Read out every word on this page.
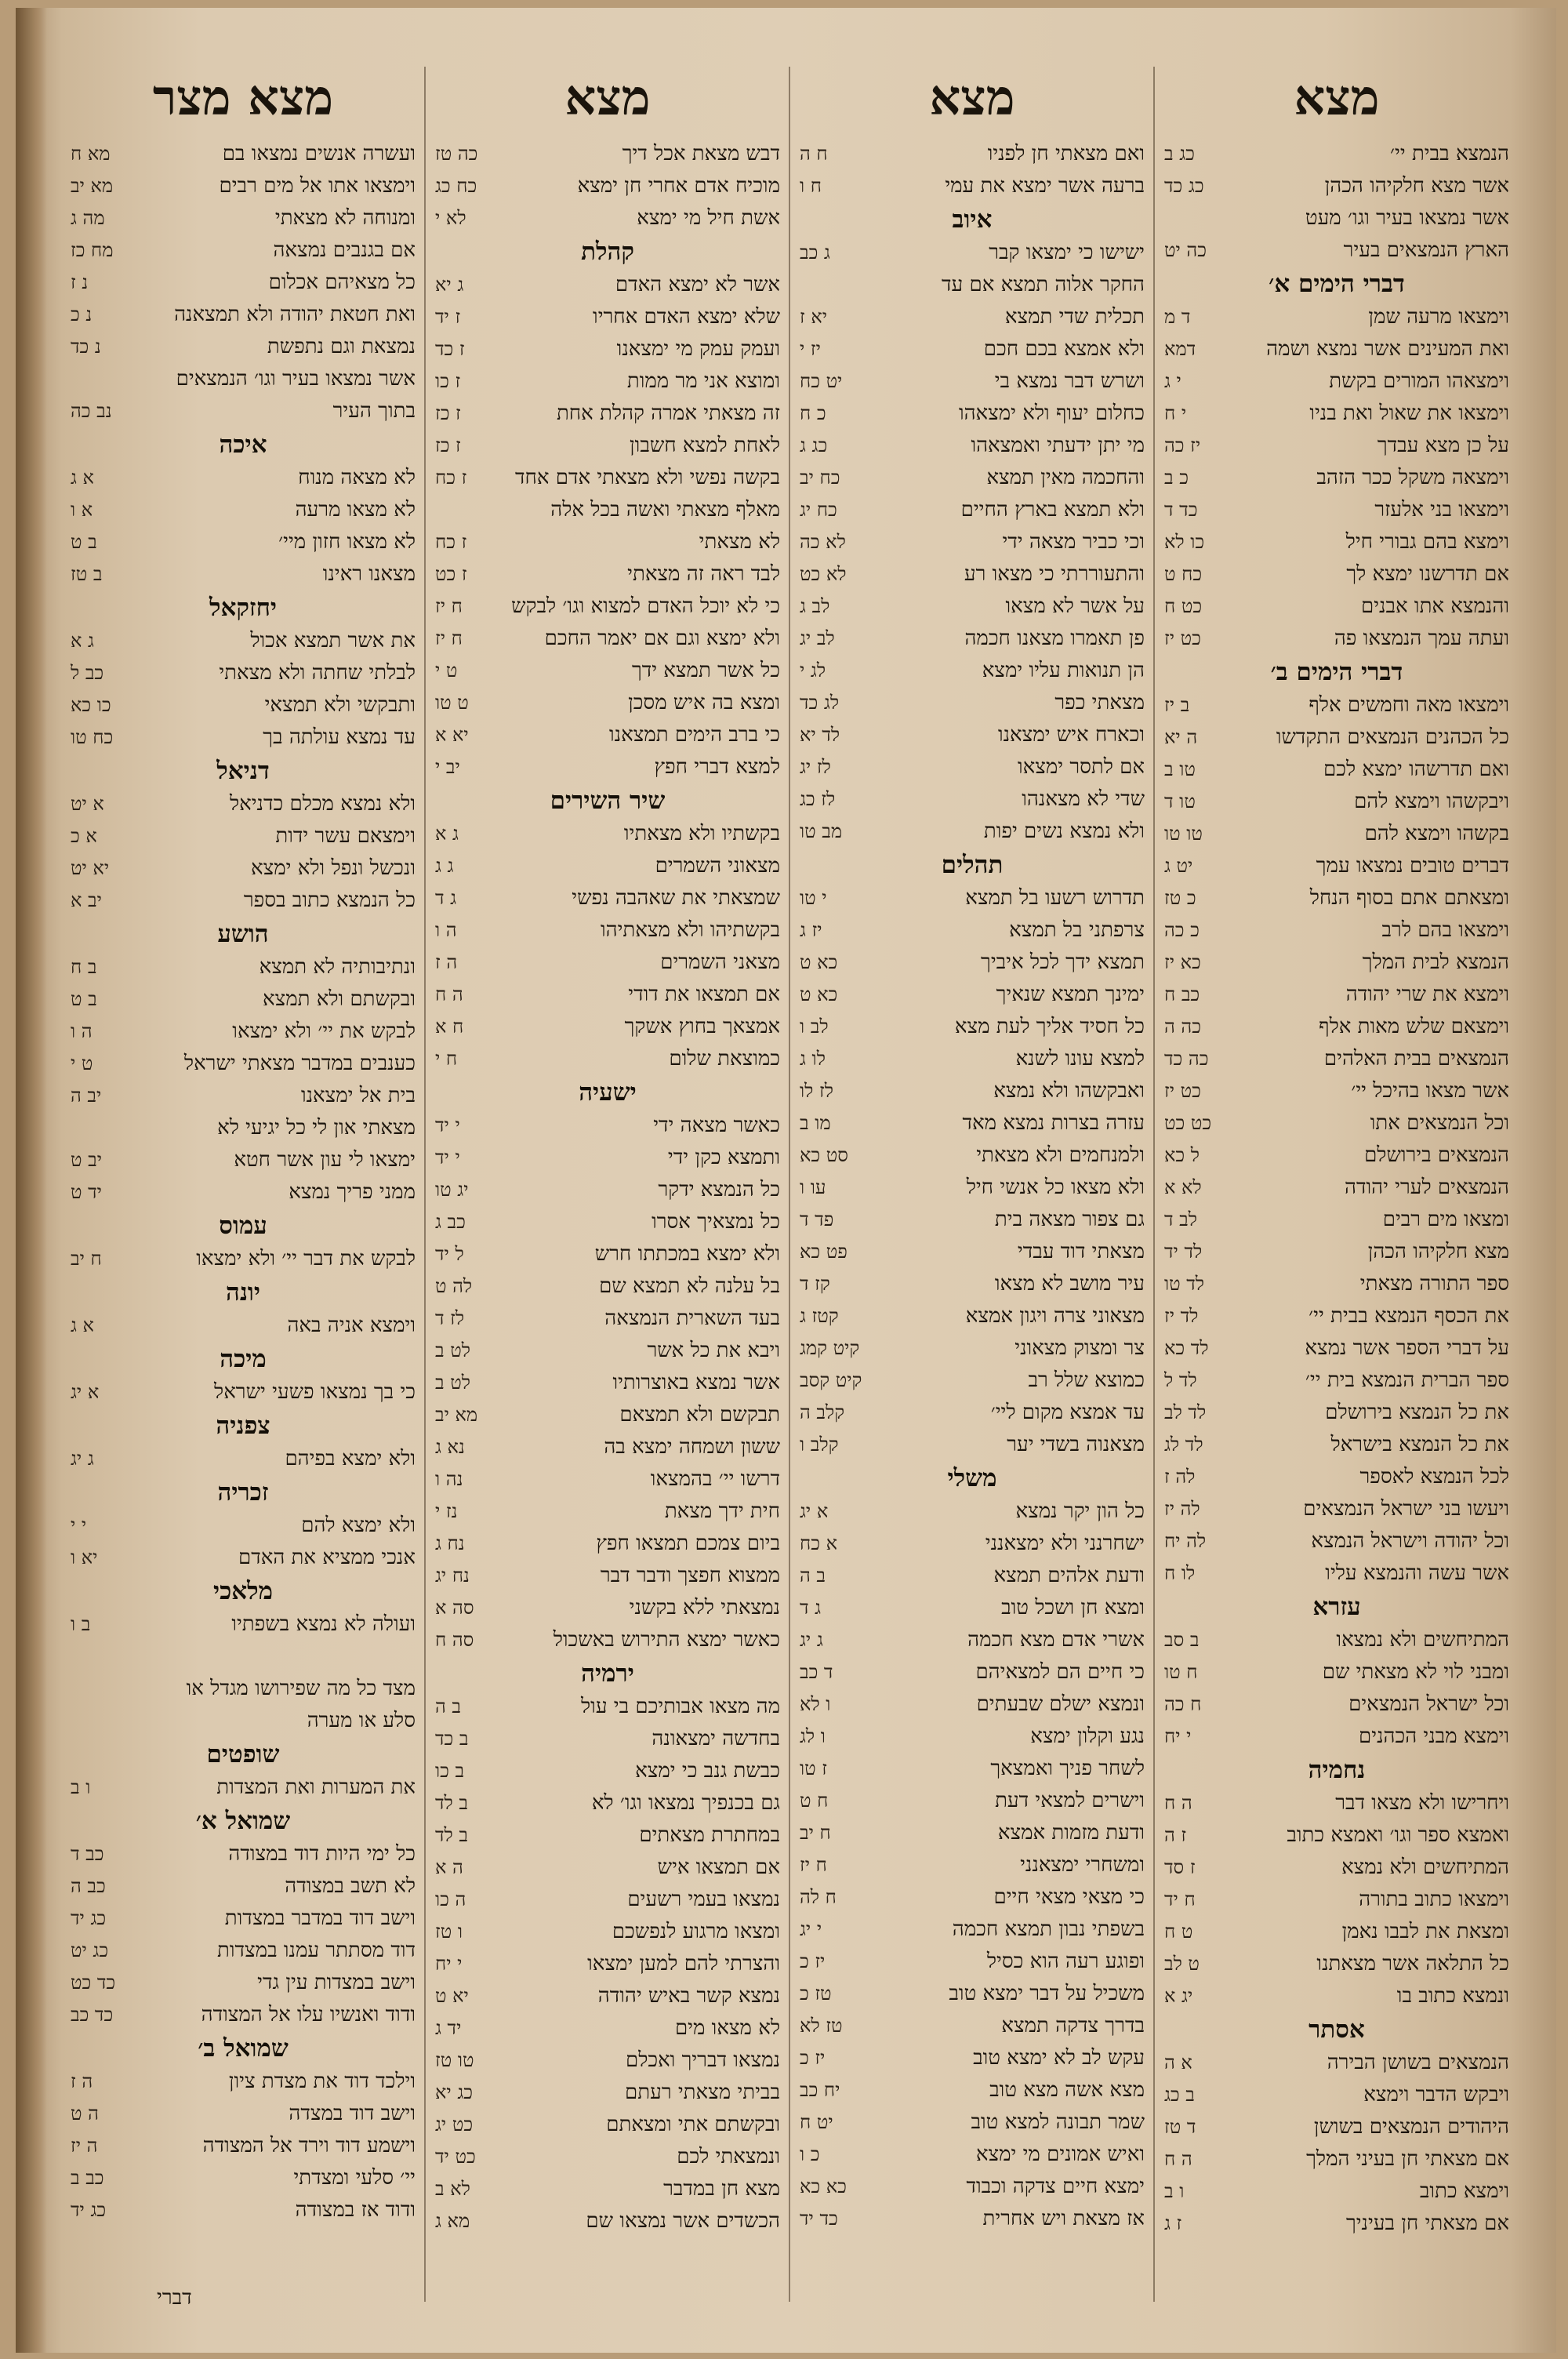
מצא
הנמצא בבית יי׳
כג ב
אשר מצא חלקיהו הכהן
כג כד
אשר נמצאו בעיר וגו׳ מעט
הארץ הנמצאים בעיר
כה יט
דברי הימים א׳
וימצאו מרעה שמן
ד מ
ואת המעינים אשר נמצא ושמה
דמא
וימצאהו המורים בקשת
י ג
וימצאו את שאול ואת בניו
י ח
על כן מצא עבדך
יז כה
וימצאה משקל ככר הזהב
כ ב
וימצאו בני אלעזר
כד ד
וימצא בהם גבורי חיל
כו לא
אם תדרשנו ימצא לך
כח ט
והנמצא אתו אבנים
כט ח
ועתה עמך הנמצאו פה
כט יז
דברי הימים ב׳
וימצאו מאה וחמשים אלף
ב יז
כל הכהנים הנמצאים התקדשו
ה יא
ואם תדרשהו ימצא לכם
טו ב
ויבקשהו וימצא להם
טו ד
בקשהו וימצא להם
טו טו
דברים טובים נמצאו עמך
יט ג
ומצאתם אתם בסוף הנחל
כ טז
וימצאו בהם לרב
כ כה
הנמצא לבית המלך
כא יז
וימצא את שרי יהודה
כב ח
וימצאם שלש מאות אלף
כה ה
הנמצאים בבית האלהים
כה כד
אשר מצאו בהיכל יי׳
כט יז
וכל הנמצאים אתו
כט כט
הנמצאים בירושלם
ל כא
הנמצאים לערי יהודה
לא א
ומצאו מים רבים
לב ד
מצא חלקיהו הכהן
לד יד
ספר התורה מצאתי
לד טו
את הכסף הנמצא בבית יי׳
לד יז
על דברי הספר אשר נמצא
לד כא
ספר הברית הנמצא בית יי׳
לד ל
את כל הנמצא בירושלם
לד לב
את כל הנמצא בישראל
לד לג
לכל הנמצא לאספר
לה ז
ויעשו בני ישראל הנמצאים
לה יז
וכל יהודה וישראל הנמצא
לה יח
אשר עשה והנמצא עליו
לו ח
עזרא
המתיחשים ולא נמצאו
ב סב
ומבני לוי לא מצאתי שם
ח טו
וכל ישראל הנמצאים
ח כה
וימצא מבני הכהנים
י יח
נחמיה
ויחרישו ולא מצאו דבר
ה ח
ואמצא ספר וגו׳ ואמצא כתוב
ז ה
המתיחשים ולא נמצא
ז סד
וימצאו כתוב בתורה
ח יד
ומצאת את לבבו נאמן
ט ח
כל התלאה אשר מצאתנו
ט לב
ונמצא כתוב בו
יג א
אסתר
הנמצאים בשושן הבירה
א ה
ויבקש הדבר וימצא
ב כג
היהודים הנמצאים בשושן
ד טז
אם מצאתי חן בעיני המלך
ה ח
וימצא כתוב
ו ב
אם מצאתי חן בעיניך
ז ג
מצא
ואם מצאתי חן לפניו
ח ה
ברעה אשר ימצא את עמי
ח ו
איוב
ישישו כי ימצאו קבר
ג כב
החקר אלוה תמצא אם עד
תכלית שדי תמצא
יא ז
ולא אמצא בכם חכם
יז י
ושרש דבר נמצא בי
יט כח
כחלום יעוף ולא ימצאהו
כ ח
מי יתן ידעתי ואמצאהו
כג ג
והחכמה מאין תמצא
כח יב
ולא תמצא בארץ החיים
כח יג
וכי כביר מצאה ידי
לא כה
והתעוררתי כי מצאו רע
לא כט
על אשר לא מצאו
לב ג
פן תאמרו מצאנו חכמה
לב יג
הן תנואות עליו ימצא
לג י
מצאתי כפר
לג כד
וכארח איש ימצאנו
לד יא
אם לתסר ימצאו
לז יג
שדי לא מצאנהו
לז כג
ולא נמצא נשים יפות
מב טו
תהלים
תדרוש רשעו בל תמצא
י טו
צרפתני בל תמצא
יז ג
תמצא ידך לכל איביך
כא ט
ימינך תמצא שנאיך
כא ט
כל חסיד אליך לעת מצא
לב ו
למצא עונו לשנא
לו ג
ואבקשהו ולא נמצא
לז לו
עזרה בצרות נמצא מאד
מו ב
ולמנחמים ולא מצאתי
סט כא
ולא מצאו כל אנשי חיל
עו ו
גם צפור מצאה בית
פד ד
מצאתי דוד עבדי
פט כא
עיר מושב לא מצאו
קז ד
מצאוני צרה ויגון אמצא
קטז ג
צר ומצוק מצאוני
קיט קמג
כמוצא שלל רב
קיט קסב
עד אמצא מקום ליי׳
קלב ה
מצאנוה בשדי יער
קלב ו
משלי
כל הון יקר נמצא
א יג
ישחרנני ולא ימצאנני
א כח
ודעת אלהים תמצא
ב ה
ומצא חן ושכל טוב
ג ד
אשרי אדם מצא חכמה
ג יג
כי חיים הם למצאיהם
ד כב
ונמצא ישלם שבעתים
ו לא
נגע וקלון ימצא
ו לג
לשחר פניך ואמצאך
ז טו
וישרים למצאי דעת
ח ט
ודעת מזמות אמצא
ח יב
ומשחרי ימצאנני
ח יז
כי מצאי מצאי חיים
ח לה
בשפתי נבון תמצא חכמה
י יג
ופוגע רעה הוא כסיל
יז כ
משכיל על דבר ימצא טוב
טז כ
בדרך צדקה תמצא
טז לא
עקש לב לא ימצא טוב
יז כ
מצא אשה מצא טוב
יח כב
שמר תבונה למצא טוב
יט ח
ואיש אמונים מי ימצא
כ ו
ימצא חיים צדקה וכבוד
כא כא
אז מצאת ויש אחרית
כד יד
מצא
דבש מצאת אכל דיך
כה טז
מוכיח אדם אחרי חן ימצא
כח כג
אשת חיל מי ימצא
לא י
קהלת
אשר לא ימצא האדם
ג יא
שלא ימצא האדם אחריו
ז יד
ועמק עמק מי ימצאנו
ז כד
ומוצא אני מר ממות
ז כו
זה מצאתי אמרה קהלת אחת
ז כז
לאחת למצא חשבון
ז כז
בקשה נפשי ולא מצאתי אדם אחד
ז כח
מאלף מצאתי ואשה בכל אלה
לא מצאתי
ז כח
לבד ראה זה מצאתי
ז כט
כי לא יוכל האדם למצוא וגו׳ לבקש
ח יז
ולא ימצא וגם אם יאמר החכם
ח יז
כל אשר תמצא ידך
ט י
ומצא בה איש מסכן
ט טו
כי ברב הימים תמצאנו
יא א
למצא דברי חפץ
יב י
שיר השירים
בקשתיו ולא מצאתיו
ג א
מצאוני השמרים
ג ג
שמצאתי את שאהבה נפשי
ג ד
בקשתיהו ולא מצאתיהו
ה ו
מצאני השמרים
ה ז
אם תמצאו את דודי
ה ח
אמצאך בחוץ אשקך
ח א
כמוצאת שלום
ח י
ישעיה
כאשר מצאה ידי
י יד
ותמצא כקן ידי
י יד
כל הנמצא ידקר
יג טו
כל נמצאיך אסרו
כב ג
ולא ימצא במכתתו חרש
ל יד
בל עלנה לא תמצא שם
לה ט
בעד השארית הנמצאה
לז ד
ויבא את כל אשר
לט ב
אשר נמצא באוצרותיו
לט ב
תבקשם ולא תמצאם
מא יב
ששון ושמחה ימצא בה
נא ג
דרשו יי׳ בהמצאו
נה ו
חית ידך מצאת
נז י
ביום צמכם תמצאו חפץ
נח ג
ממצוא חפצך ודבר דבר
נח יג
נמצאתי ללא בקשני
סה א
כאשר ימצא התירוש באשכול
סה ח
ירמיה
מה מצאו אבותיכם בי עול
ב ה
בחדשה ימצאונה
ב כד
כבשת גנב כי ימצא
ב כו
גם בכנפיך נמצאו וגו׳ לא
ב לד
במחתרת מצאתים
ב לד
אם תמצאו איש
ה א
נמצאו בעמי רשעים
ה כו
ומצאו מרגוע לנפשכם
ו טז
והצרתי להם למען ימצאו
י יח
נמצא קשר באיש יהודה
יא ט
לא מצאו מים
יד ג
נמצאו דבריך ואכלם
טו טז
בביתי מצאתי רעתם
כג יא
ובקשתם אתי ומצאתם
כט יג
ונמצאתי לכם
כט יד
מצא חן במדבר
לא ב
הכשדים אשר נמצאו שם
מא ג
מצא מצר
ועשרה אנשים נמצאו בם
מא ח
וימצאו אתו אל מים רבים
מא יב
ומנוחה לא מצאתי
מה ג
אם בגנבים נמצאה
מח כז
כל מצאיהם אכלום
נ ז
ואת חטאת יהודה ולא תמצאנה
נ כ
נמצאת וגם נתפשת
נ כד
אשר נמצאו בעיר וגו׳ הנמצאים
בתוך העיר
נב כה
איכה
לא מצאה מנוח
א ג
לא מצאו מרעה
א ו
לא מצאו חזון מיי׳
ב ט
מצאנו ראינו
ב טז
יחזקאל
את אשר תמצא אכול
ג א
לבלתי שחתה ולא מצאתי
כב ל
ותבקשי ולא תמצאי
כו כא
עד נמצא עולתה בך
כח טו
דניאל
ולא נמצא מכלם כדניאל
א יט
וימצאם עשר ידות
א כ
ונכשל ונפל ולא ימצא
יא יט
כל הנמצא כתוב בספר
יב א
הושע
ונתיבותיה לא תמצא
ב ח
ובקשתם ולא תמצא
ב ט
לבקש את יי׳ ולא ימצאו
ה ו
כענבים במדבר מצאתי ישראל
ט י
בית אל ימצאנו
יב ה
מצאתי און לי כל יגיעי לא
ימצאו לי עון אשר חטא
יב ט
ממני פריך נמצא
יד ט
עמוס
לבקש את דבר יי׳ ולא ימצאו
ח יב
יונה
וימצא אניה באה
א ג
מיכה
כי בך נמצאו פשעי ישראל
א יג
צפניה
ולא ימצא בפיהם
ג יג
זכריה
ולא ימצא להם
י י
אנכי ממציא את האדם
יא ו
מלאכי
ועולה לא נמצא בשפתיו
ב ו
מצד כל מה שפירושו מגדל או
סלע או מערה
שופטים
את המערות ואת המצדות
ו ב
שמואל א׳
כל ימי היות דוד במצודה
כב ד
לא תשב במצודה
כב ה
וישב דוד במדבר במצדות
כג יד
דוד מסתתר עמנו במצדות
כג יט
וישב במצדות עין גדי
כד כט
ודוד ואנשיו עלו אל המצודה
כד כב
שמואל ב׳
וילכד דוד את מצדת ציון
ה ז
וישב דוד במצדה
ה ט
וישמע דוד וירד אל המצודה
ה יז
יי׳ סלעי ומצדתי
כב ב
ודוד אז במצודה
כג יד
דברי
